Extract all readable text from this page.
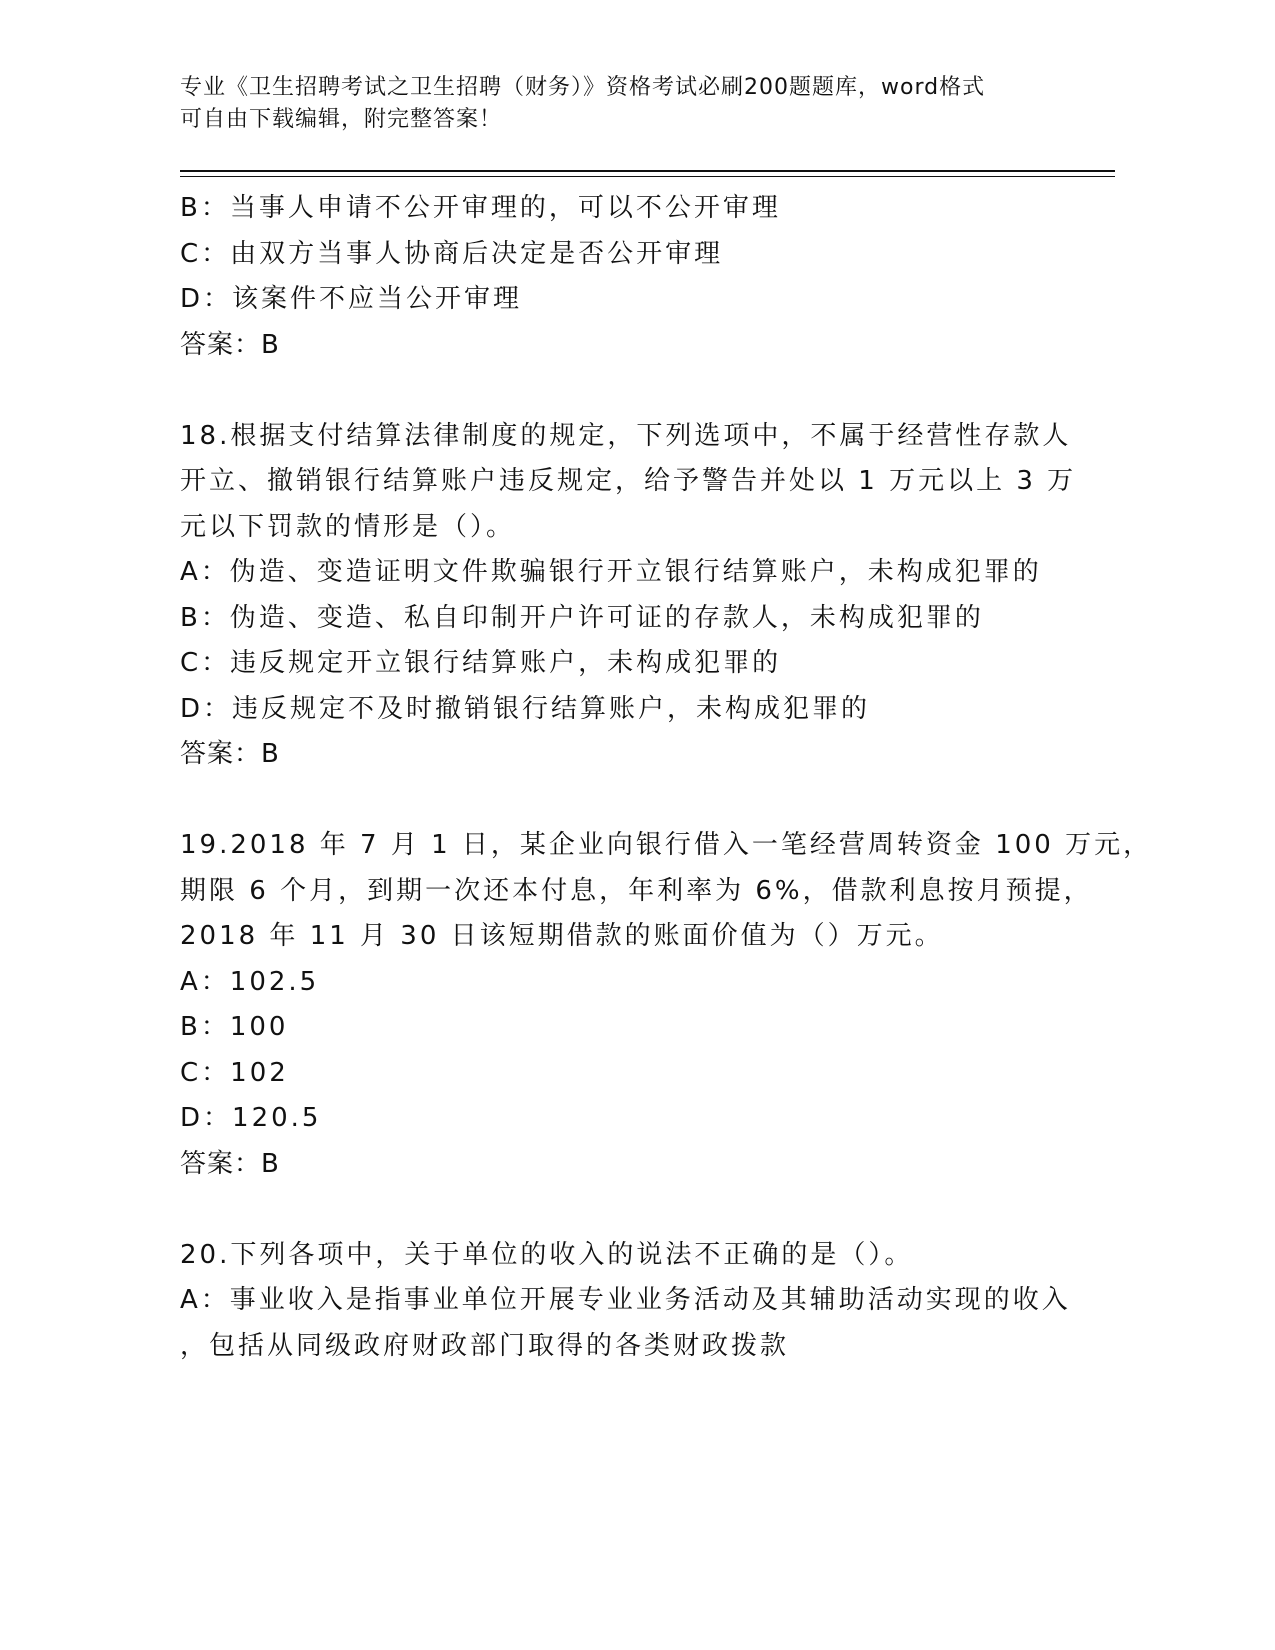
专业《卫生招聘考试之卫生招聘（财务）》资格考试必刷200题题库，word格式
可自由下载编辑，附完整答案！
B：当事人申请不公开审理的，可以不公开审理
C：由双方当事人协商后决定是否公开审理
D：该案件不应当公开审理
答案：B
18.根据支付结算法律制度的规定，下列选项中，不属于经营性存款人
开立、撤销银行结算账户违反规定，给予警告并处以 1 万元以上 3 万
元以下罚款的情形是（）。
A：伪造、变造证明文件欺骗银行开立银行结算账户，未构成犯罪的
B：伪造、变造、私自印制开户许可证的存款人，未构成犯罪的
C：违反规定开立银行结算账户，未构成犯罪的
D：违反规定不及时撤销银行结算账户，未构成犯罪的
答案：B
19.2018 年 7 月 1 日，某企业向银行借入一笔经营周转资金 100 万元，
期限 6 个月，到期一次还本付息，年利率为 6%，借款利息按月预提，
2018 年 11 月 30 日该短期借款的账面价值为（）万元。
A：102.5
B：100
C：102
D：120.5
答案：B
20.下列各项中，关于单位的收入的说法不正确的是（）。
A：事业收入是指事业单位开展专业业务活动及其辅助活动实现的收入
，包括从同级政府财政部门取得的各类财政拨款
